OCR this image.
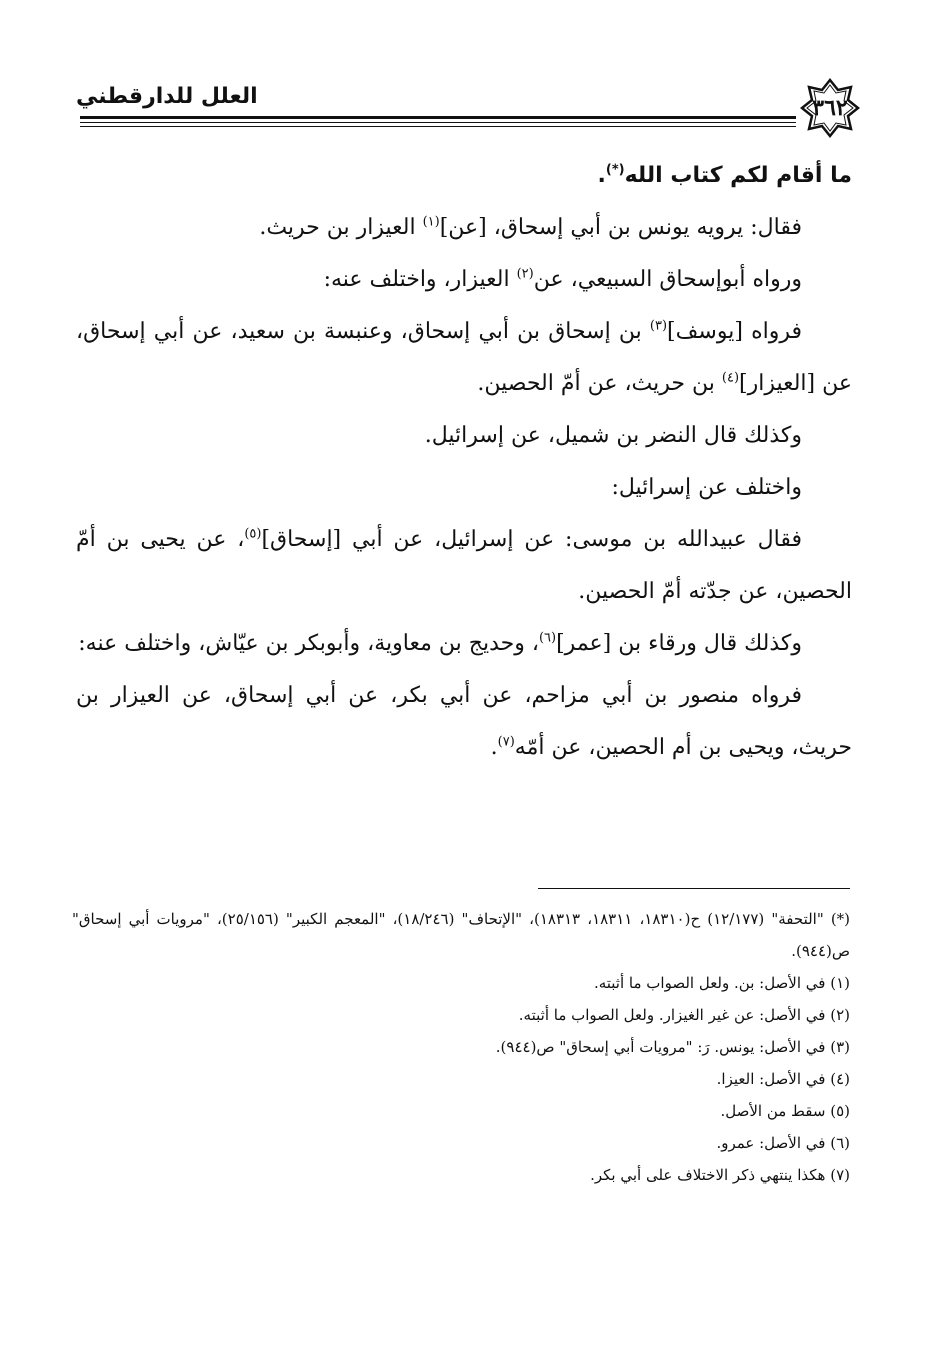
٣٦٢
العلل للدارقطني

ما أقام لكم كتاب الله(*).

فقال: يرويه يونس بن أبي إسحاق، [عن]$^{(١)}$ العيزار بن حريث.

ورواه أبوإسحاق السبيعي، عن$^{(٢)}$ العيزار، واختلف عنه:

فرواه [يوسف]$^{(٣)}$ بن إسحاق بن أبي إسحاق، وعنبسة بن سعيد، عن أبي إسحاق، عن [العيزار]$^{(٤)}$ بن حريث، عن أمّ الحصين.

وكذلك قال النضر بن شميل، عن إسرائيل.

واختلف عن إسرائيل:

فقال عبيدالله بن موسى: عن إسرائيل، عن أبي [إسحاق]$^{(٥)}$، عن يحيى بن أمّ الحصين، عن جدّته أمّ الحصين.

وكذلك قال ورقاء بن [عمر]$^{(٦)}$، وحديج بن معاوية، وأبوبكر بن عيّاش، واختلف عنه:

فرواه منصور بن أبي مزاحم، عن أبي بكر، عن أبي إسحاق، عن العيزار بن حريث، ويحيى بن أم الحصين، عن أمّه$^{(٧)}$.

(*) "التحفة" (١٢/١٧٧) ح(١٨٣١٠، ١٨٣١١، ١٨٣١٣)، "الإتحاف" (١٨/٢٤٦)، "المعجم الكبير" (٢٥/١٥٦)، "مرويات أبي إسحاق" ص(٩٤٤).

(١) في الأصل: بن. ولعل الصواب ما أثبته.

(٢) في الأصل: عن غير الغيزار. ولعل الصواب ما أثبته.

(٣) في الأصل: يونس. رَ: "مرويات أبي إسحاق" ص(٩٤٤).

(٤) في الأصل: العيزا.

(٥) سقط من الأصل.

(٦) في الأصل: عمرو.

(٧) هكذا ينتهي ذكر الاختلاف على أبي بكر.
